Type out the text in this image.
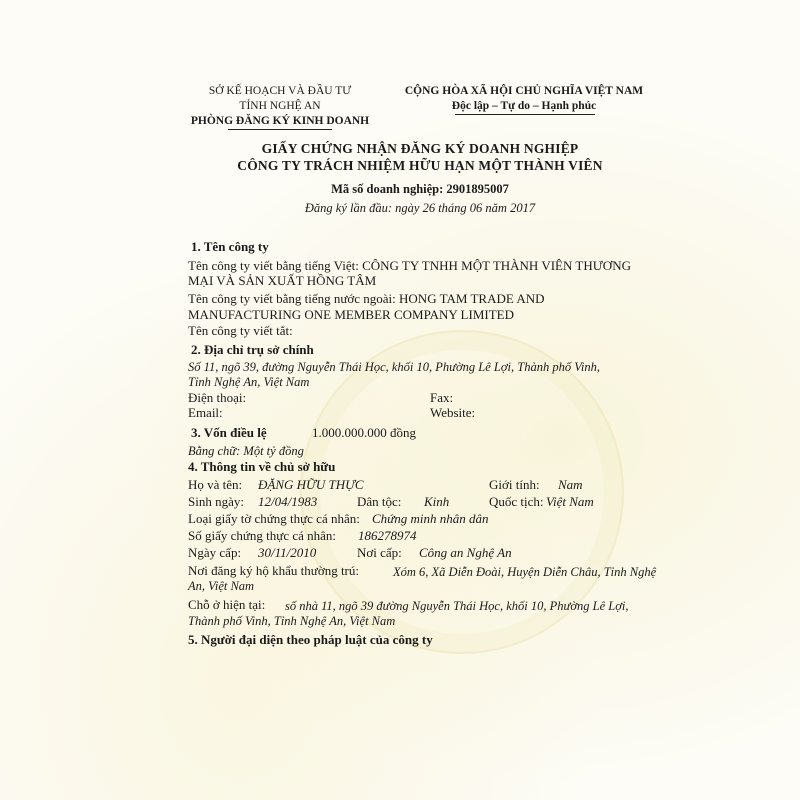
SỞ KẾ HOẠCH VÀ ĐẦU TƯ
TỈNH NGHỆ AN
PHÒNG ĐĂNG KÝ KINH DOANH
CỘNG HÒA XÃ HỘI CHỦ NGHĨA VIỆT NAM
Độc lập – Tự do – Hạnh phúc
GIẤY CHỨNG NHẬN ĐĂNG KÝ DOANH NGHIỆP
CÔNG TY TRÁCH NHIỆM HỮU HẠN MỘT THÀNH VIÊN
Mã số doanh nghiệp: 2901895007
Đăng ký lần đầu: ngày 26 tháng 06 năm 2017
1. Tên công ty
Tên công ty viết bằng tiếng Việt: CÔNG TY TNHH MỘT THÀNH VIÊN THƯƠNG
MẠI VÀ SẢN XUẤT HỒNG TÂM
Tên công ty viết bằng tiếng nước ngoài: HONG TAM TRADE AND
MANUFACTURING ONE MEMBER COMPANY LIMITED
Tên công ty viết tắt:
2. Địa chỉ trụ sở chính
Số 11, ngõ 39, đường Nguyễn Thái Học, khối 10, Phường Lê Lợi, Thành phố Vinh,
Tỉnh Nghệ An, Việt Nam
Điện thoại:	Fax:
Email:	Website:
3. Vốn điều lệ	1.000.000.000 đồng
Bằng chữ: Một tỷ đồng
4. Thông tin về chủ sở hữu
Họ và tên: ĐẶNG HỮU THỰC	Giới tính: Nam
Sinh ngày: 12/04/1983	Dân tộc: Kinh	Quốc tịch: Việt Nam
Loại giấy tờ chứng thực cá nhân: Chứng minh nhân dân
Số giấy chứng thực cá nhân: 186278974
Ngày cấp: 30/11/2010	Nơi cấp: Công an Nghệ An
Nơi đăng ký hộ khẩu thường trú:	Xóm 6, Xã Diễn Đoài, Huyện Diễn Châu, Tỉnh Nghệ
An, Việt Nam
Chỗ ở hiện tại: số nhà 11, ngõ 39 đường Nguyễn Thái Học, khối 10, Phường Lê Lợi,
Thành phố Vinh, Tỉnh Nghệ An, Việt Nam
5. Người đại diện theo pháp luật của công ty
